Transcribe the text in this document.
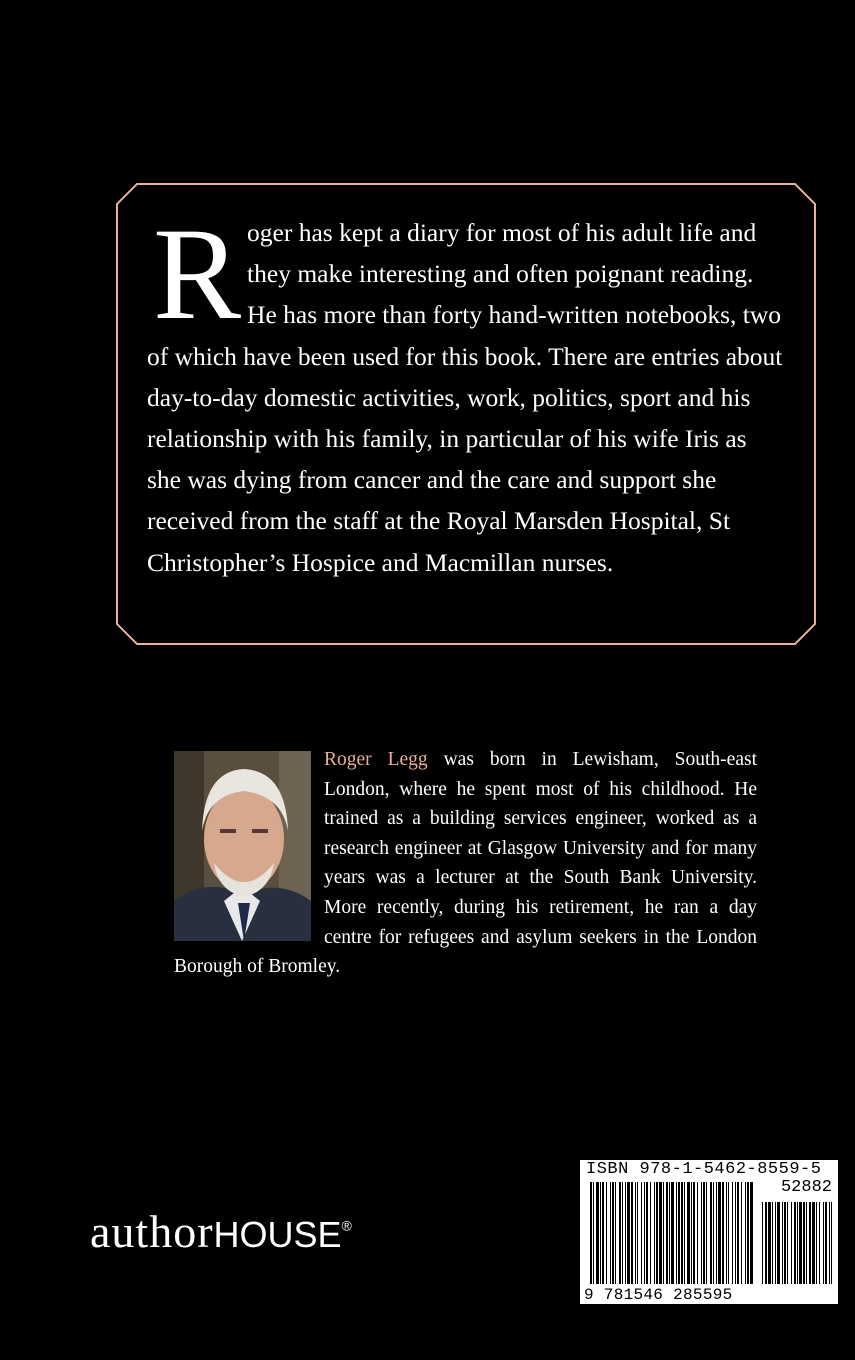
Roger has kept a diary for most of his adult life and they make interesting and often poignant reading. He has more than forty hand-written notebooks, two of which have been used for this book. There are entries about day-to-day domestic activities, work, politics, sport and his relationship with his family, in particular of his wife Iris as she was dying from cancer and the care and support she received from the staff at the Royal Marsden Hospital, St Christopher’s Hospice and Macmillan nurses.
Roger Legg was born in Lewisham, South-east London, where he spent most of his childhood. He trained as a building services engineer, worked as a research engineer at Glasgow University and for many years was a lecturer at the South Bank University. More recently, during his retirement, he ran a day centre for refugees and asylum seekers in the London Borough of Bromley.
authorHOUSE®
ISBN 978-1-5462-8559-5
52882
9 781546 285595
